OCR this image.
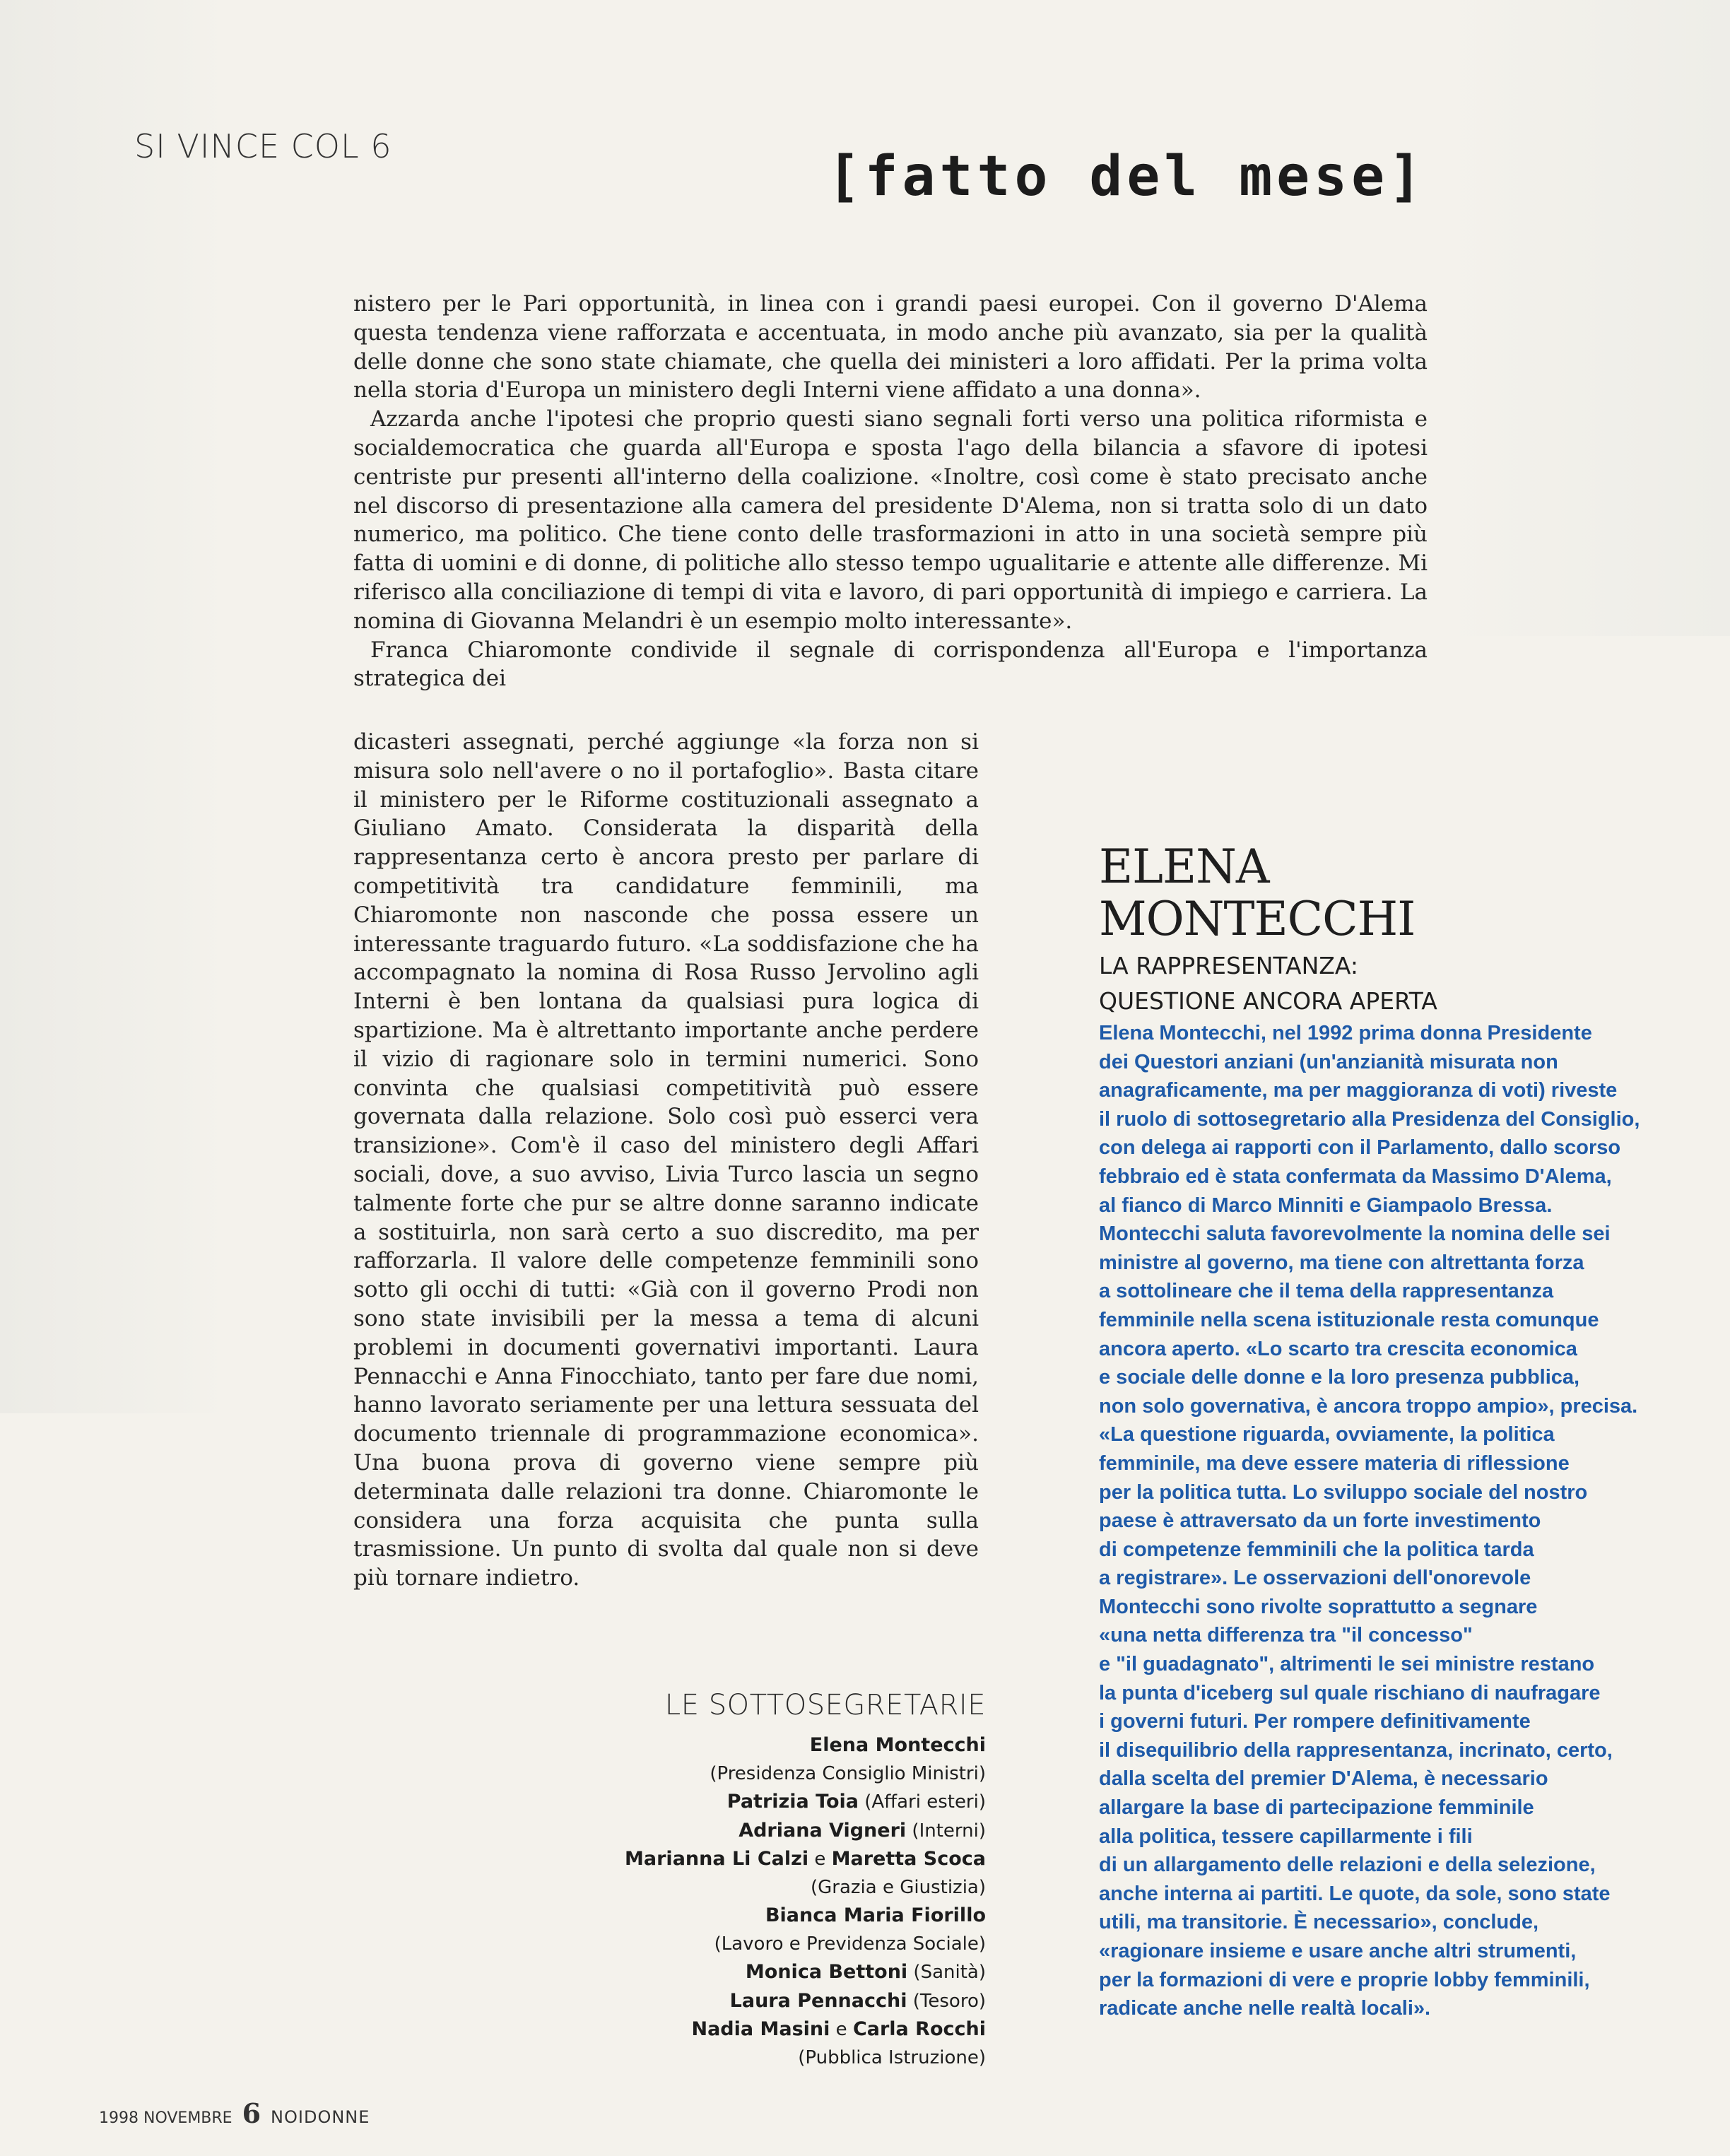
SI VINCE COL 6	[fatto del mese]

nistero per le Pari opportunità, in linea con i grandi paesi europei. Con il governo D'Alema questa tendenza viene rafforzata e accentuata, in modo anche più avanzato, sia per la qualità delle donne che sono state chiamate, che quella dei ministeri a loro affidati. Per la prima volta nella storia d'Europa un ministero degli Interni viene affidato a una donna».

Azzarda anche l'ipotesi che proprio questi siano segnali forti verso una politica riformista e socialdemocratica che guarda all'Europa e sposta l'ago della bilancia a sfavore di ipotesi centriste pur presenti all'interno della coalizione. «Inoltre, così come è stato precisato anche nel discorso di presentazione alla camera del presidente D'Alema, non si tratta solo di un dato numerico, ma politico. Che tiene conto delle trasformazioni in atto in una società sempre più fatta di uomini e di donne, di politiche allo stesso tempo ugualitarie e attente alle differenze. Mi riferisco alla conciliazione di tempi di vita e lavoro, di pari opportunità di impiego e carriera. La nomina di Giovanna Melandri è un esempio molto interessante».

Franca Chiaromonte condivide il segnale di corrispondenza all'Europa e l'importanza strategica dei

dicasteri assegnati, perché aggiunge «la forza non si misura solo nell'avere o no il portafoglio». Basta citare il ministero per le Riforme costituzionali assegnato a Giuliano Amato. Considerata la disparità della rappresentanza certo è ancora presto per parlare di competitività tra candidature femminili, ma Chiaromonte non nasconde che possa essere un interessante traguardo futuro. «La soddisfazione che ha accompagnato la nomina di Rosa Russo Jervolino agli Interni è ben lontana da qualsiasi pura logica di spartizione. Ma è altrettanto importante anche perdere il vizio di ragionare solo in termini numerici. Sono convinta che qualsiasi competitività può essere governata dalla relazione. Solo così può esserci vera transizione». Com'è il caso del ministero degli Affari sociali, dove, a suo avviso, Livia Turco lascia un segno talmente forte che pur se altre donne saranno indicate a sostituirla, non sarà certo a suo discredito, ma per rafforzarla. Il valore delle competenze femminili sono sotto gli occhi di tutti: «Già con il governo Prodi non sono state invisibili per la messa a tema di alcuni problemi in documenti governativi importanti. Laura Pennacchi e Anna Finocchiato, tanto per fare due nomi, hanno lavorato seriamente per una lettura sessuata del documento triennale di programmazione economica». Una buona prova di governo viene sempre più determinata dalle relazioni tra donne. Chiaromonte le considera una forza acquisita che punta sulla trasmissione. Un punto di svolta dal quale non si deve più tornare indietro.

LE SOTTOSEGRETARIE
Elena Montecchi
(Presidenza Consiglio Ministri)
Patrizia Toia (Affari esteri)
Adriana Vigneri (Interni)
Marianna Li Calzi e Maretta Scoca
(Grazia e Giustizia)
Bianca Maria Fiorillo
(Lavoro e Previdenza Sociale)
Monica Bettoni (Sanità)
Laura Pennacchi (Tesoro)
Nadia Masini e Carla Rocchi
(Pubblica Istruzione)
ELENA
MONTECCHI
LA RAPPRESENTANZA:
QUESTIONE ANCORA APERTA
Elena Montecchi, nel 1992 prima donna Presidente
dei Questori anziani (un'anzianità misurata non
anagraficamente, ma per maggioranza di voti) riveste
il ruolo di sottosegretario alla Presidenza del Consiglio,
con delega ai rapporti con il Parlamento, dallo scorso
febbraio ed è stata confermata da Massimo D'Alema,
al fianco di Marco Minniti e Giampaolo Bressa.
Montecchi saluta favorevolmente la nomina delle sei
ministre al governo, ma tiene con altrettanta forza
a sottolineare che il tema della rappresentanza
femminile nella scena istituzionale resta comunque
ancora aperto. «Lo scarto tra crescita economica
e sociale delle donne e la loro presenza pubblica,
non solo governativa, è ancora troppo ampio», precisa.
«La questione riguarda, ovviamente, la politica
femminile, ma deve essere materia di riflessione
per la politica tutta. Lo sviluppo sociale del nostro
paese è attraversato da un forte investimento
di competenze femminili che la politica tarda
a registrare». Le osservazioni dell'onorevole
Montecchi sono rivolte soprattutto a segnare
«una netta differenza tra "il concesso"
e "il guadagnato", altrimenti le sei ministre restano
la punta d'iceberg sul quale rischiano di naufragare
i governi futuri. Per rompere definitivamente
il disequilibrio della rappresentanza, incrinato, certo,
dalla scelta del premier D'Alema, è necessario
allargare la base di partecipazione femminile
alla politica, tessere capillarmente i fili
di un allargamento delle relazioni e della selezione,
anche interna ai partiti. Le quote, da sole, sono state
utili, ma transitorie. È necessario», conclude,
«ragionare insieme e usare anche altri strumenti,
per la formazioni di vere e proprie lobby femminili,
radicate anche nelle realtà locali».
1998 NOVEMBRE 6 NOIDONNE
